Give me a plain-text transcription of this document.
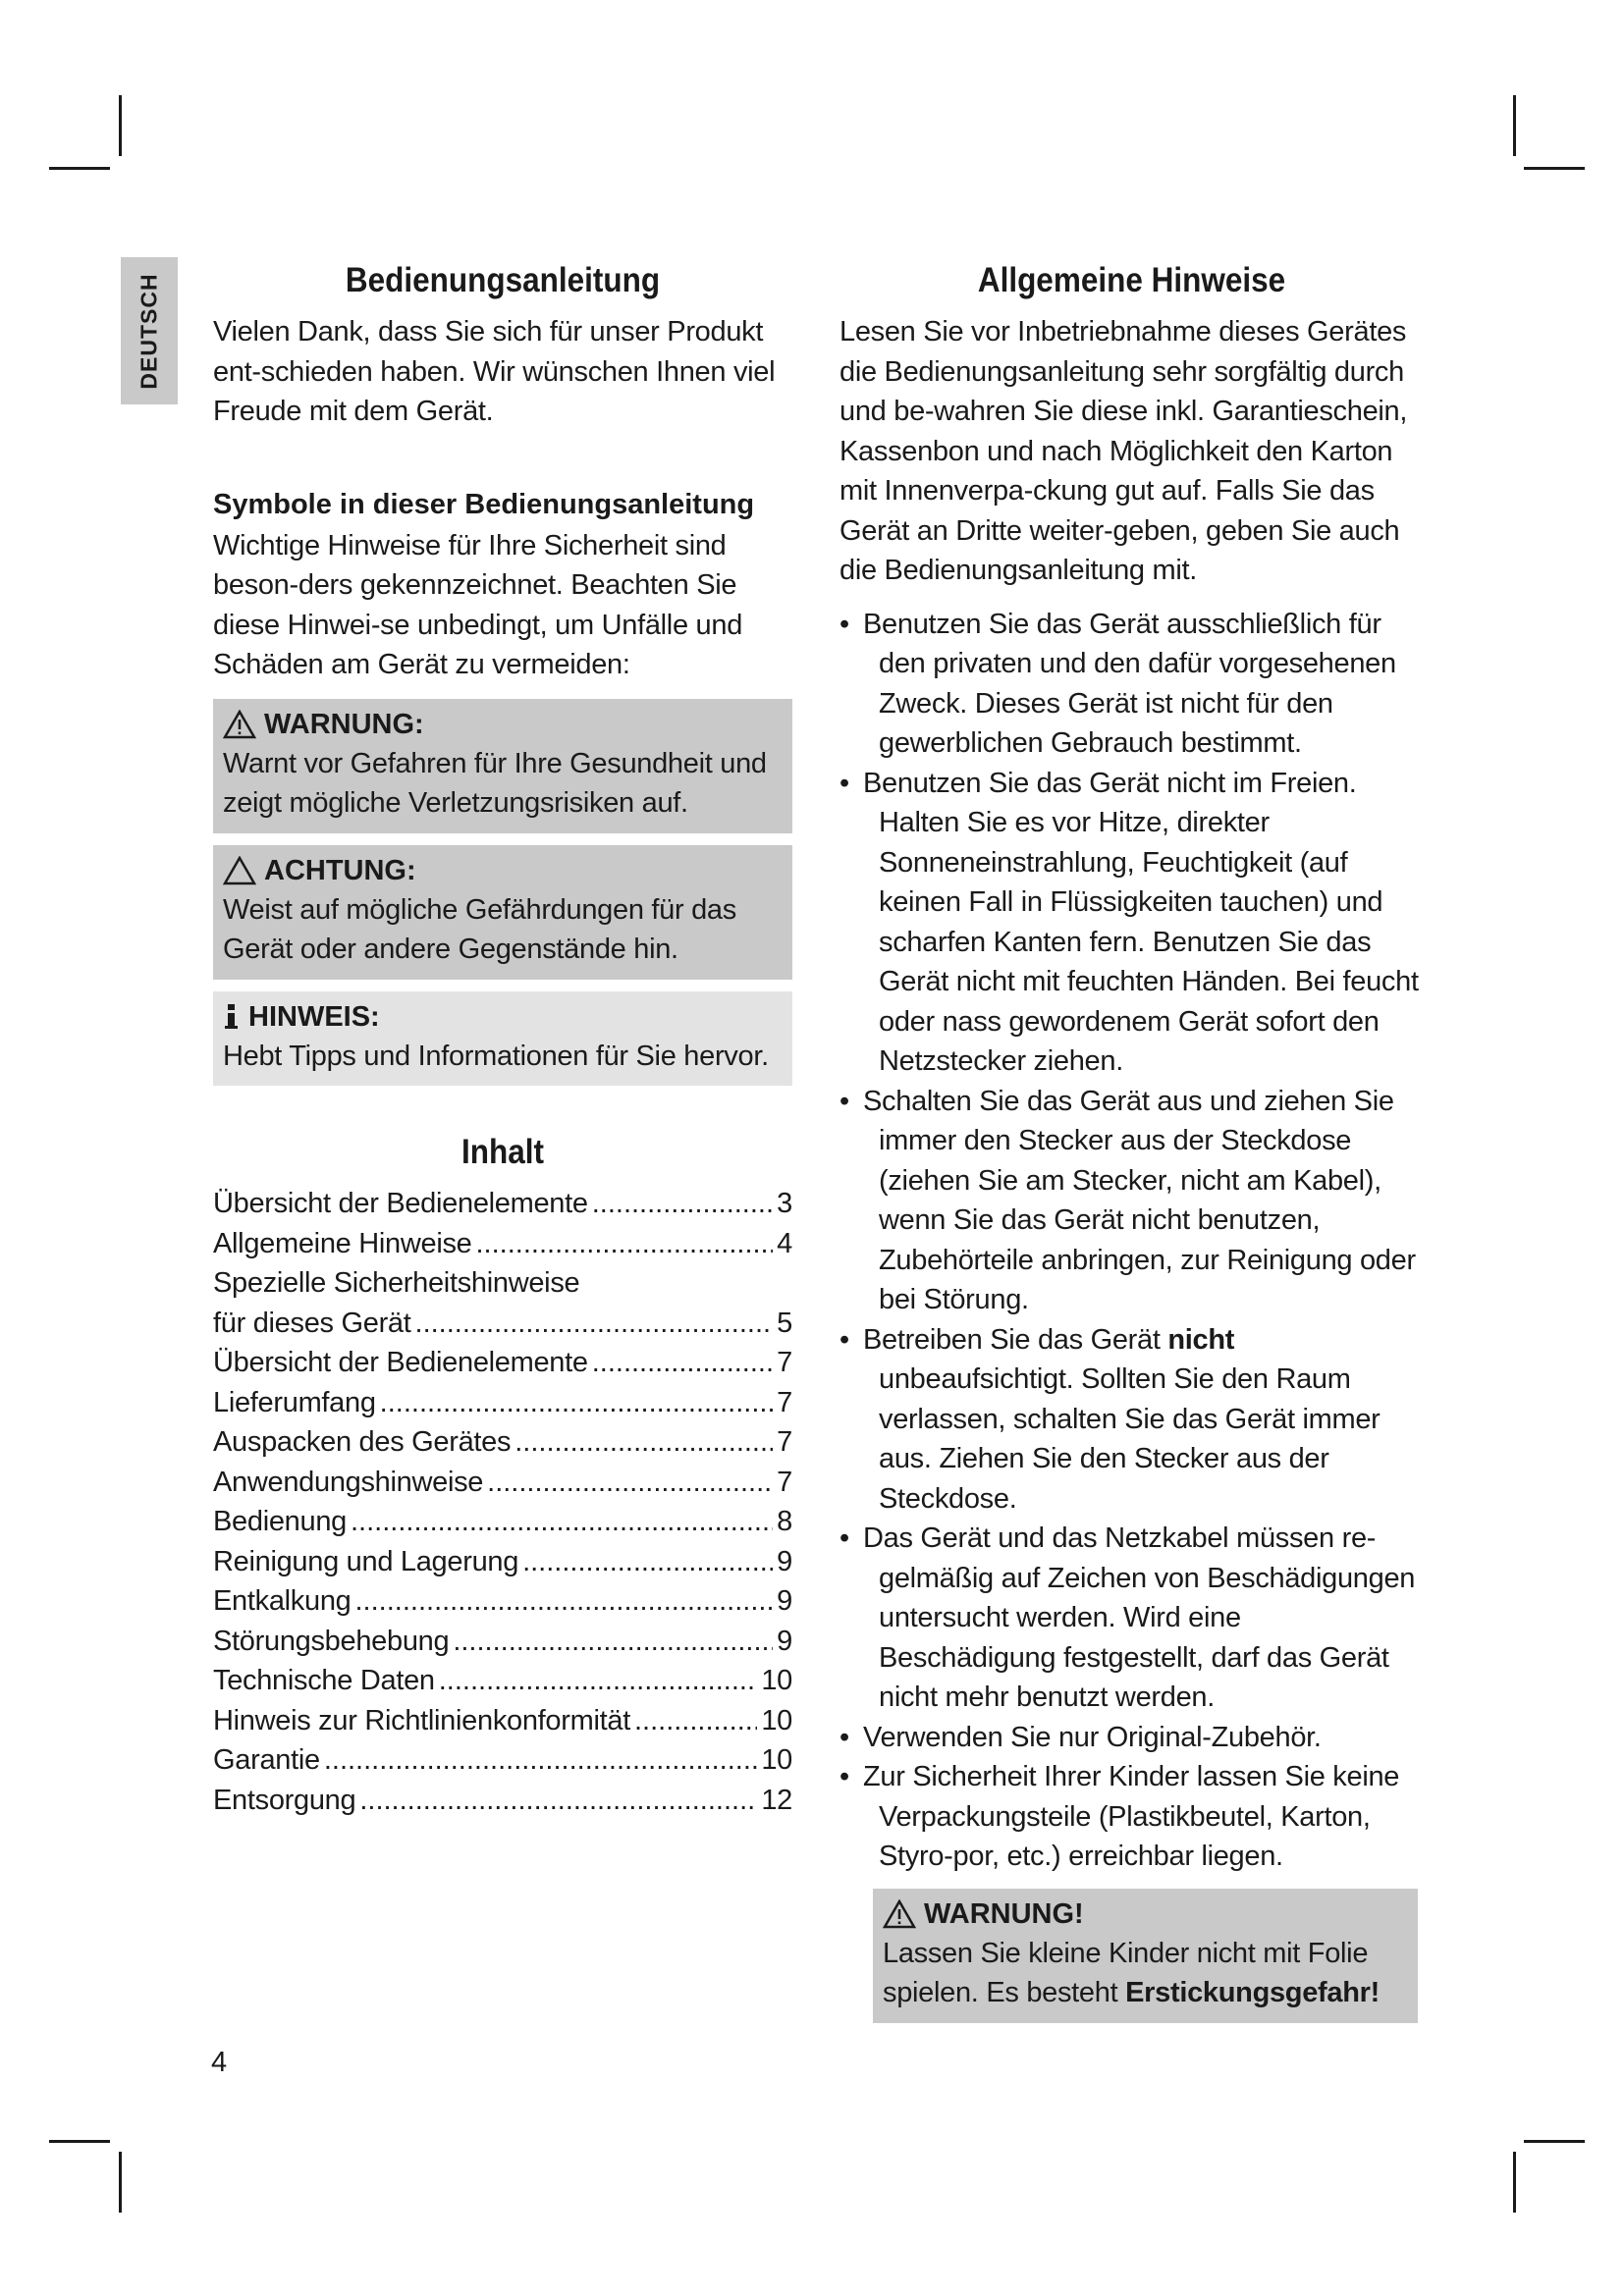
DEUTSCH	Bedienungsanleitung

Vielen Dank, dass Sie sich für unser Produkt ent-schieden haben. Wir wünschen Ihnen viel Freude mit dem Gerät.

Symbole in dieser Bedienungsanleitung

Wichtige Hinweise für Ihre Sicherheit sind beson-ders gekennzeichnet. Beachten Sie diese Hinwei-se unbedingt, um Unfälle und Schäden am Gerät zu vermeiden:

WARNUNG:
Warnt vor Gefahren für Ihre Gesundheit und zeigt mögliche Verletzungsrisiken auf.
ACHTUNG:
Weist auf mögliche Gefährdungen für das Gerät oder andere Gegenstände hin.
HINWEIS:
Hebt Tipps und Informationen für Sie hervor.
Inhalt
Übersicht der Bedienelemente .....	3
Allgemeine Hinweise .....	4
Spezielle Sicherheitshinweise
für dieses Gerät .....	5
Übersicht der Bedienelemente .....	7
Lieferumfang .....	7
Auspacken des Gerätes .....	7
Anwendungshinweise .....	7
Bedienung .....	8
Reinigung und Lagerung .....	9
Entkalkung .....	9
Störungsbehebung .....	9
Technische Daten .....	10
Hinweis zur Richtlinienkonformität .....	10
Garantie .....	10
Entsorgung .....	12
Allgemeine Hinweise

Lesen Sie vor Inbetriebnahme dieses Gerätes die Bedienungsanleitung sehr sorgfältig durch und be-wahren Sie diese inkl. Garantieschein, Kassenbon und nach Möglichkeit den Karton mit Innenverpa-ckung gut auf. Falls Sie das Gerät an Dritte weiter-geben, geben Sie auch die Bedienungsanleitung mit.

• Benutzen Sie das Gerät ausschließlich für den privaten und den dafür vorgesehenen Zweck. Dieses Gerät ist nicht für den gewerblichen Gebrauch bestimmt.
• Benutzen Sie das Gerät nicht im Freien. Halten Sie es vor Hitze, direkter Sonneneinstrahlung, Feuchtigkeit (auf keinen Fall in Flüssigkeiten tauchen) und scharfen Kanten fern. Benutzen Sie das Gerät nicht mit feuchten Händen. Bei feucht oder nass gewordenem Gerät sofort den Netzstecker ziehen.
• Schalten Sie das Gerät aus und ziehen Sie immer den Stecker aus der Steckdose (ziehen Sie am Stecker, nicht am Kabel), wenn Sie das Gerät nicht benutzen, Zubehörteile anbringen, zur Reinigung oder bei Störung.
• Betreiben Sie das Gerät nicht unbeaufsichtigt. Sollten Sie den Raum verlassen, schalten Sie das Gerät immer aus. Ziehen Sie den Stecker aus der Steckdose.
• Das Gerät und das Netzkabel müssen re-gelmäßig auf Zeichen von Beschädigungen untersucht werden. Wird eine Beschädigung festgestellt, darf das Gerät nicht mehr benutzt werden.
• Verwenden Sie nur Original-Zubehör.
• Zur Sicherheit Ihrer Kinder lassen Sie keine Verpackungsteile (Plastikbeutel, Karton, Styro-por, etc.) erreichbar liegen.
WARNUNG!
Lassen Sie kleine Kinder nicht mit Folie spielen. Es besteht Erstickungsgefahr!
4
